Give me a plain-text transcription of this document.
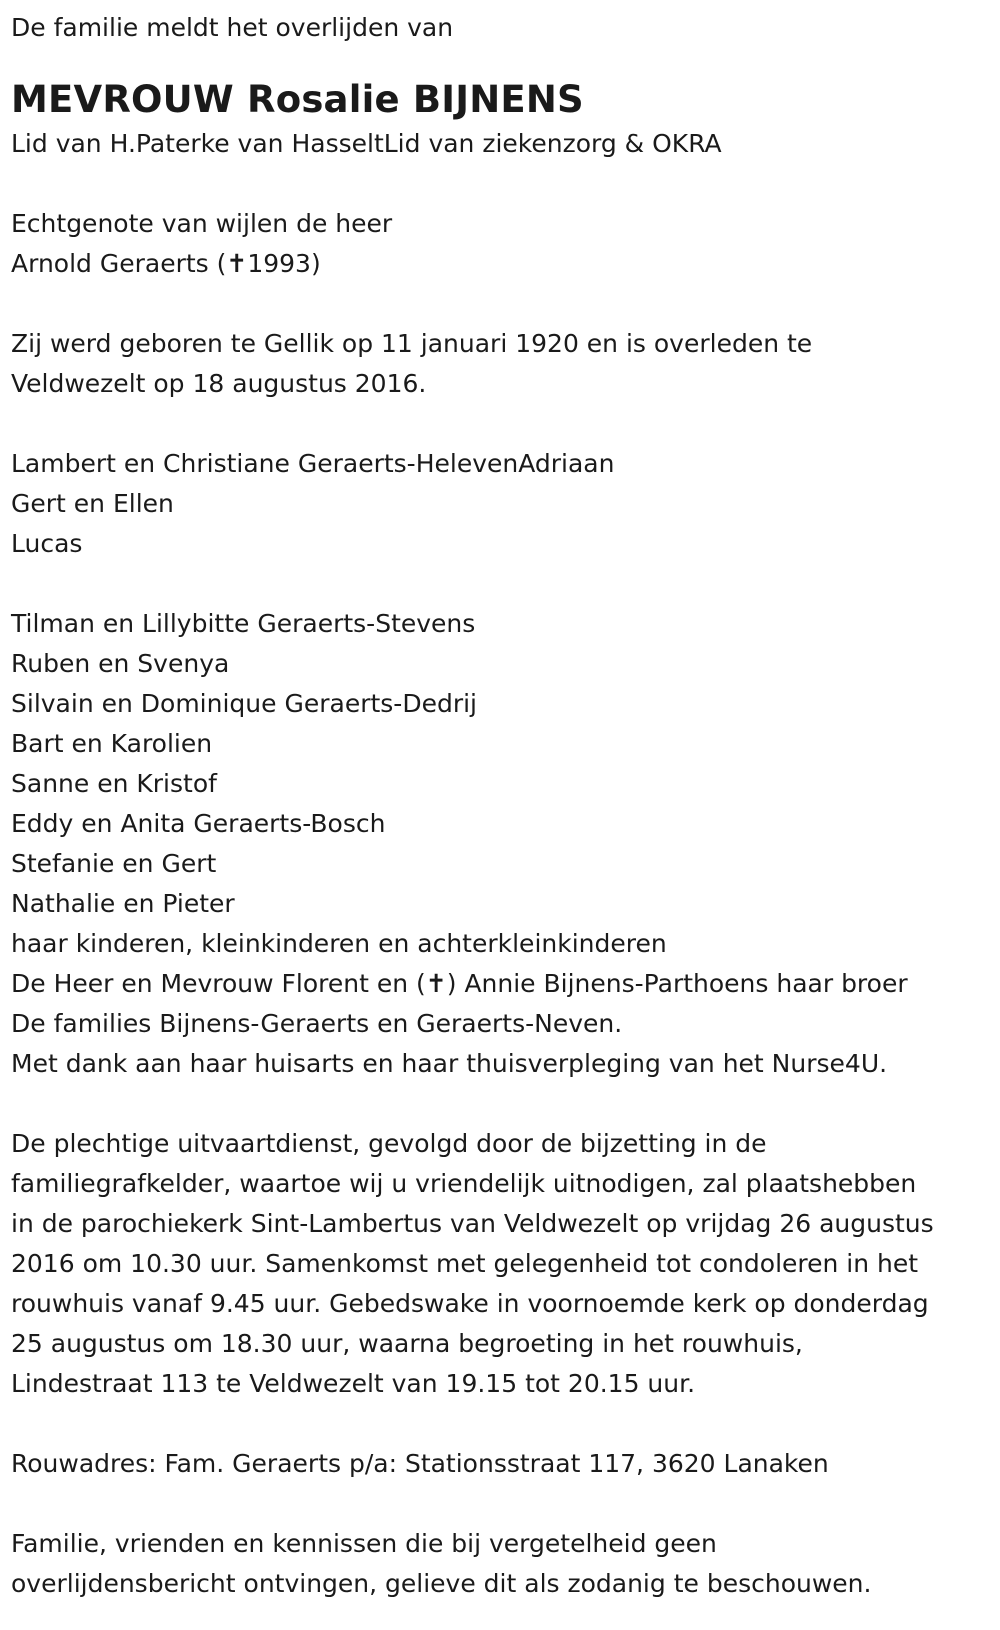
De familie meldt het overlijden van

MEVROUW Rosalie BIJNENS

Lid van H.Paterke van HasseltLid van ziekenzorg & OKRA

Echtgenote van wijlen de heer

Arnold Geraerts (✝1993)

Zij werd geboren te Gellik op 11 januari 1920 en is overleden te

Veldwezelt op 18 augustus 2016.

Lambert en Christiane Geraerts-HelevenAdriaan

Gert en Ellen

Lucas

Tilman en Lillybitte Geraerts-Stevens

Ruben en Svenya

Silvain en Dominique Geraerts-Dedrij

Bart en Karolien

Sanne en Kristof

Eddy en Anita Geraerts-Bosch

Stefanie en Gert

Nathalie en Pieter

haar kinderen, kleinkinderen en achterkleinkinderen

De Heer en Mevrouw Florent en (✝) Annie Bijnens-Parthoens haar broer

De families Bijnens-Geraerts en Geraerts-Neven.

Met dank aan haar huisarts en haar thuisverpleging van het Nurse4U.

De plechtige uitvaartdienst, gevolgd door de bijzetting in de

familiegrafkelder, waartoe wij u vriendelijk uitnodigen, zal plaatshebben

in de parochiekerk Sint-Lambertus van Veldwezelt op vrijdag 26 augustus

2016 om 10.30 uur. Samenkomst met gelegenheid tot condoleren in het

rouwhuis vanaf 9.45 uur. Gebedswake in voornoemde kerk op donderdag

25 augustus om 18.30 uur, waarna begroeting in het rouwhuis,

Lindestraat 113 te Veldwezelt van 19.15 tot 20.15 uur.

Rouwadres: Fam. Geraerts p/a: Stationsstraat 117, 3620 Lanaken

Familie, vrienden en kennissen die bij vergetelheid geen

overlijdensbericht ontvingen, gelieve dit als zodanig te beschouwen.
